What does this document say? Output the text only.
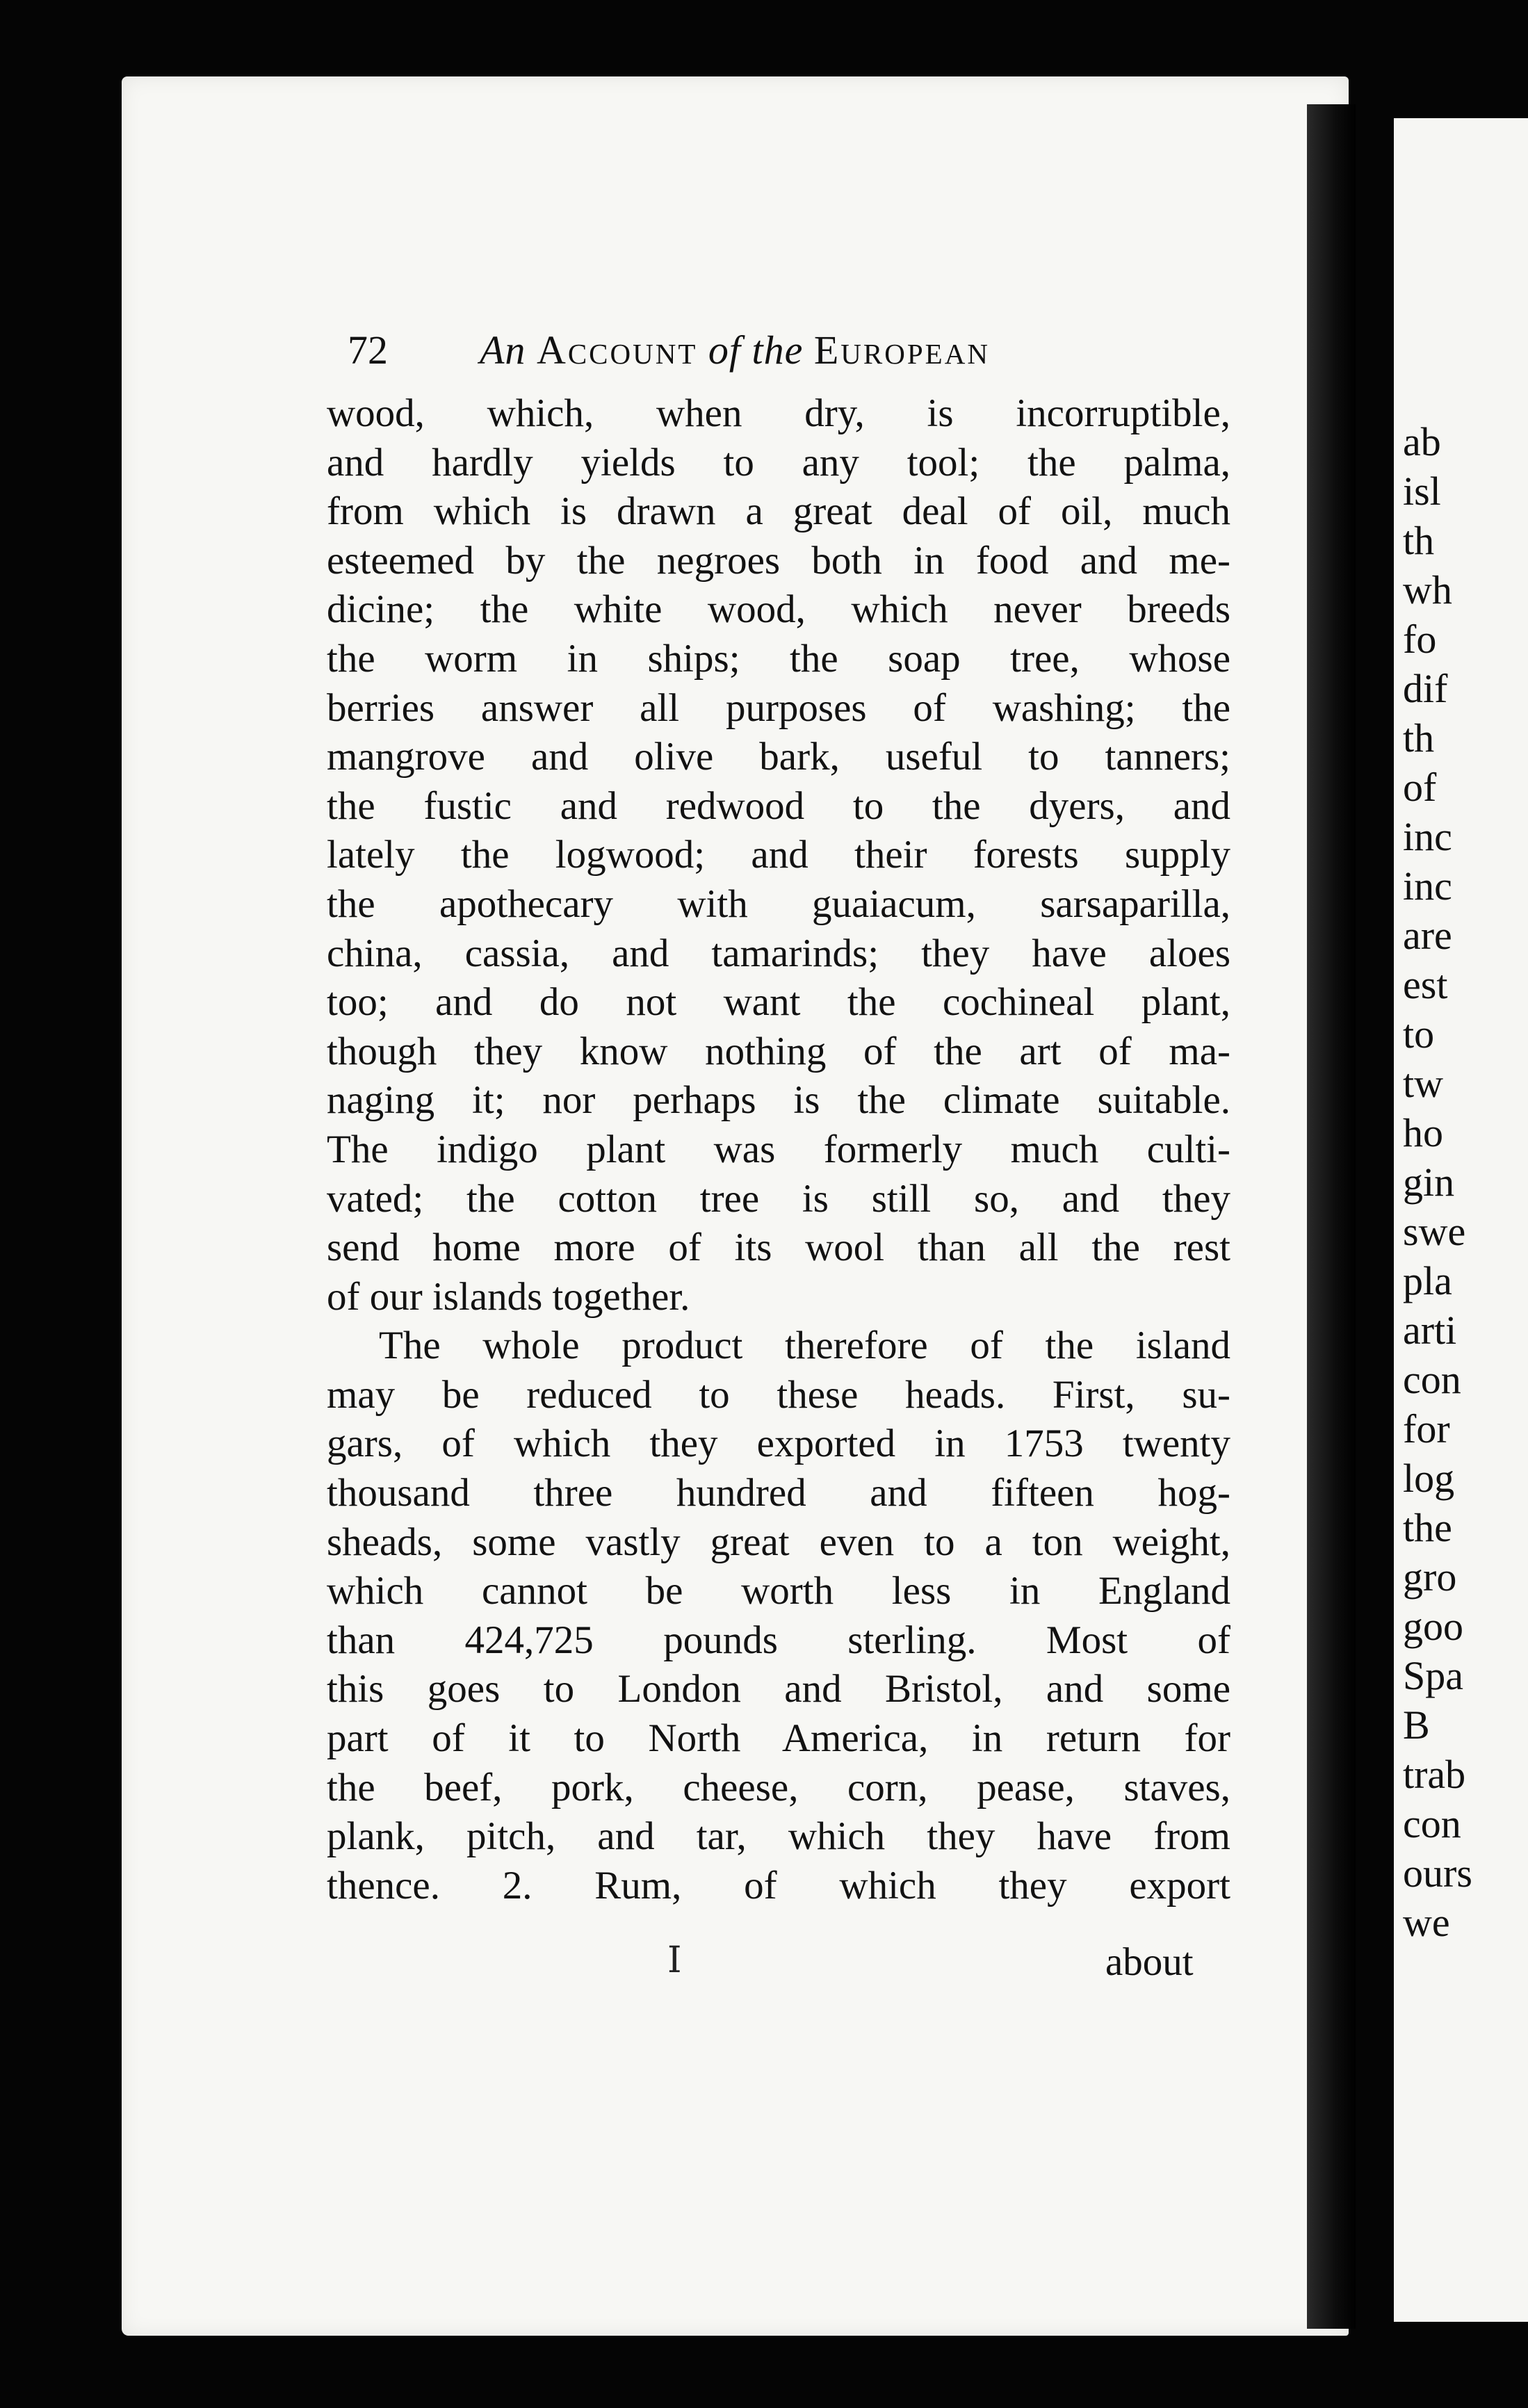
ab
isl
th
wh
fo
dif
th
of
inc
inc
are
est
to
tw
ho
gin
swe
pla
arti
con
for
log
the
gro
goo
Spa
B
trab
con
ours
we
72 An Account of the European
wood, which, when dry, is incorruptible,
and hardly yields to any tool; the palma,
from which is drawn a great deal of oil, much
esteemed by the negroes both in food and me-
dicine; the white wood, which never breeds
the worm in ships; the soap tree, whose
berries answer all purposes of washing; the
mangrove and olive bark, useful to tanners;
the fustic and redwood to the dyers, and
lately the logwood; and their forests supply
the apothecary with guaiacum, sarsaparilla,
china, cassia, and tamarinds; they have aloes
too; and do not want the cochineal plant,
though they know nothing of the art of ma-
naging it; nor perhaps is the climate suitable.
The indigo plant was formerly much culti-
vated; the cotton tree is still so, and they
send home more of its wool than all the rest
of our islands together.
The whole product therefore of the island
may be reduced to these heads. First, su-
gars, of which they exported in 1753 twenty
thousand three hundred and fifteen hog-
sheads, some vastly great even to a ton weight,
which cannot be worth less in England
than 424,725 pounds sterling. Most of
this goes to London and Bristol, and some
part of it to North America, in return for
the beef, pork, cheese, corn, pease, staves,
plank, pitch, and tar, which they have from
thence. 2. Rum, of which they export
I	about
